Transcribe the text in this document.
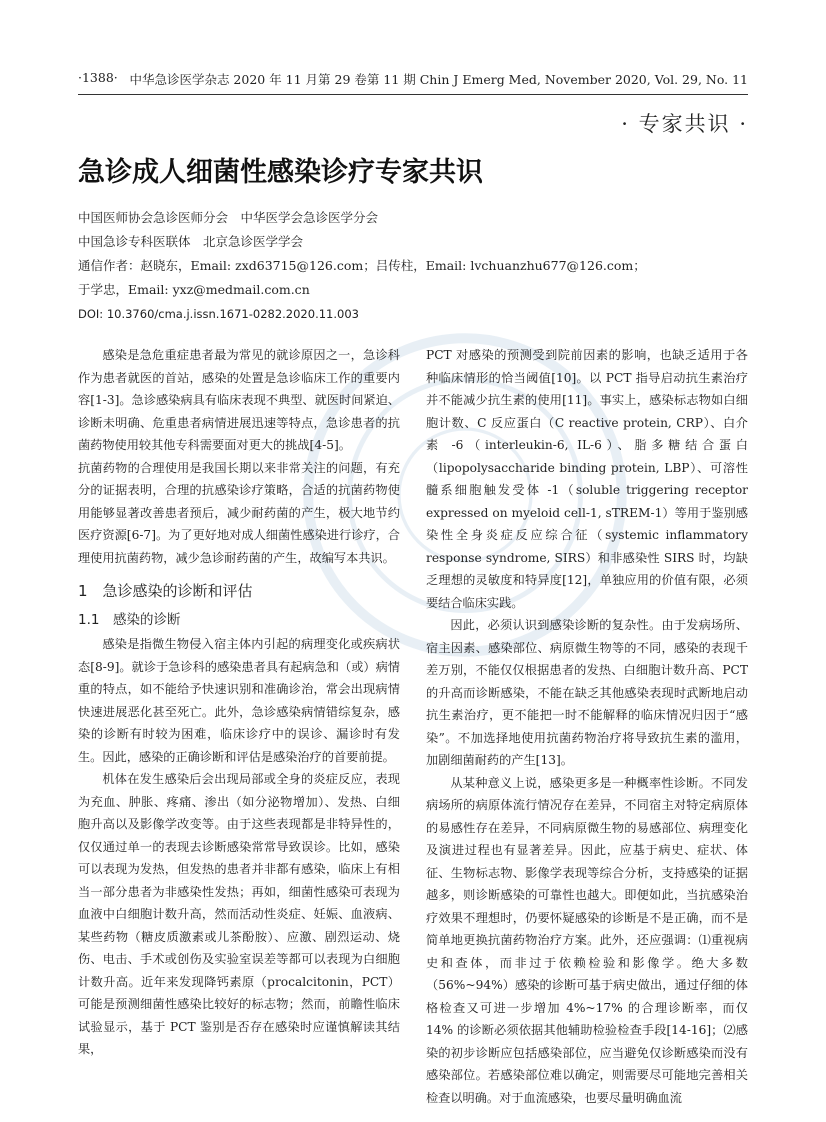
·1388· 中华急诊医学杂志 2020 年 11 月第 29 卷第 11 期 Chin J Emerg Med, November 2020, Vol. 29, No. 11
· 专家共识 ·
急诊成人细菌性感染诊疗专家共识
中国医师协会急诊医师分会　中华医学会急诊医学分会
中国急诊专科医联体　北京急诊医学学会
通信作者：赵晓东，Email: zxd63715@126.com；吕传柱，Email: lvchuanzhu677@126.com；
于学忠，Email: yxz@medmail.com.cn
DOI: 10.3760/cma.j.issn.1671-0282.2020.11.003

感染是急危重症患者最为常见的就诊原因之一，急诊科作为患者就医的首站，感染的处置是急诊临床工作的重要内容[1-3]。急诊感染病具有临床表现不典型、就医时间紧迫、诊断未明确、危重患者病情进展迅速等特点，急诊患者的抗菌药物使用较其他专科需要面对更大的挑战[4-5]。

抗菌药物的合理使用是我国长期以来非常关注的问题，有充分的证据表明，合理的抗感染诊疗策略，合适的抗菌药物使用能够显著改善患者预后，减少耐药菌的产生，极大地节约医疗资源[6-7]。为了更好地对成人细菌性感染进行诊疗，合理使用抗菌药物，减少急诊耐药菌的产生，故编写本共识。

1　急诊感染的诊断和评估
1.1　感染的诊断

感染是指微生物侵入宿主体内引起的病理变化或疾病状态[8-9]。就诊于急诊科的感染患者具有起病急和（或）病情重的特点，如不能给予快速识别和准确诊治，常会出现病情快速进展恶化甚至死亡。此外，急诊感染病情错综复杂，感染的诊断有时较为困难，临床诊疗中的误诊、漏诊时有发生。因此，感染的正确诊断和评估是感染治疗的首要前提。

机体在发生感染后会出现局部或全身的炎症反应，表现为充血、肿胀、疼痛、渗出（如分泌物增加）、发热、白细胞升高以及影像学改变等。由于这些表现都是非特异性的，仅仅通过单一的表现去诊断感染常常导致误诊。比如，感染可以表现为发热，但发热的患者并非都有感染，临床上有相当一部分患者为非感染性发热；再如，细菌性感染可表现为血液中白细胞计数升高，然而活动性炎症、妊娠、血液病、某些药物（糖皮质激素或儿茶酚胺）、应激、剧烈运动、烧伤、电击、手术或创伤及实验室误差等都可以表现为白细胞计数升高。近年来发现降钙素原（procalcitonin，PCT）可能是预测细菌性感染比较好的标志物；然而，前瞻性临床试验显示，基于 PCT 鉴别是否存在感染时应谨慎解读其结果，

PCT 对感染的预测受到院前因素的影响，也缺乏适用于各种临床情形的恰当阈值[10]。以 PCT 指导启动抗生素治疗并不能减少抗生素的使用[11]。事实上，感染标志物如白细胞计数、C 反应蛋白（C reactive protein, CRP）、白介素 -6（interleukin-6, IL-6）、脂多糖结合蛋白（lipopolysaccharide binding protein, LBP）、可溶性髓系细胞触发受体 -1（soluble triggering receptor expressed on myeloid cell-1, sTREM-1）等用于鉴别感染性全身炎症反应综合征（systemic inflammatory response syndrome, SIRS）和非感染性 SIRS 时，均缺乏理想的灵敏度和特异度[12]，单独应用的价值有限，必须要结合临床实践。

因此，必须认识到感染诊断的复杂性。由于发病场所、宿主因素、感染部位、病原微生物等的不同，感染的表现千差万别，不能仅仅根据患者的发热、白细胞计数升高、PCT 的升高而诊断感染，不能在缺乏其他感染表现时武断地启动抗生素治疗，更不能把一时不能解释的临床情况归因于“感染”。不加选择地使用抗菌药物治疗将导致抗生素的滥用，加剧细菌耐药的产生[13]。

从某种意义上说，感染更多是一种概率性诊断。不同发病场所的病原体流行情况存在差异，不同宿主对特定病原体的易感性存在差异，不同病原微生物的易感部位、病理变化及演进过程也有显著差异。因此，应基于病史、症状、体征、生物标志物、影像学表现等综合分析，支持感染的证据越多，则诊断感染的可靠性也越大。即便如此，当抗感染治疗效果不理想时，仍要怀疑感染的诊断是不是正确，而不是简单地更换抗菌药物治疗方案。此外，还应强调：⑴重视病史和查体，而非过于依赖检验和影像学。绝大多数（56%~94%）感染的诊断可基于病史做出，通过仔细的体格检查又可进一步增加 4%~17% 的合理诊断率，而仅 14% 的诊断必须依据其他辅助检验检查手段[14-16]；⑵感染的初步诊断应包括感染部位，应当避免仅诊断感染而没有感染部位。若感染部位难以确定，则需要尽可能地完善相关检查以明确。对于血流感染，也要尽量明确血流
